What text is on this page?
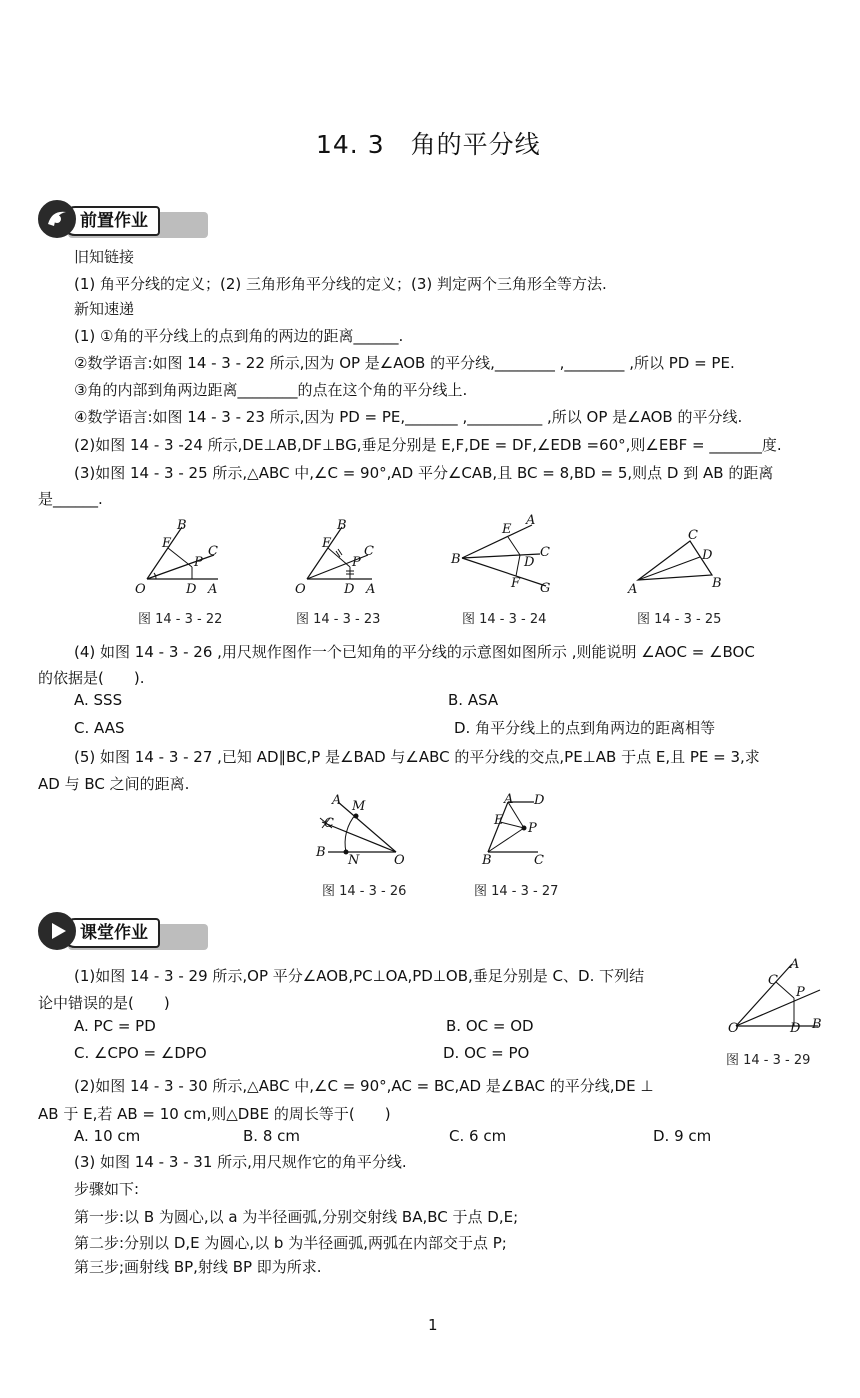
14. 3　角的平分线
前置作业
旧知链接
(1) 角平分线的定义；(2) 三角形角平分线的定义；(3) 判定两个三角形全等方法.
新知速递
(1) ①角的平分线上的点到角的两边的距离______.
②数学语言:如图 14 - 3 - 22 所示,因为 OP 是∠AOB 的平分线,________ ,________ ,所以 PD = PE.
③角的内部到角两边距离________的点在这个角的平分线上.
④数学语言:如图 14 - 3 - 23 所示,因为 PD = PE,_______ ,__________ ,所以 OP 是∠AOB 的平分线.
(2)如图 14 - 3 -24 所示,DE⊥AB,DF⊥BG,垂足分别是 E,F,DE = DF,∠EDB =60°,则∠EBF = _______度.
(3)如图 14 - 3 - 25 所示,△ABC 中,∠C = 90°,AD 平分∠CAB,且 BC = 8,BD = 5,则点 D 到 AB 的距离
是______.
O	A
B
C
D
E
P
O	A
B
C
D
E
P	B
A
E
C
D
F G	A
C
D
B
图 14 - 3 - 22	图 14 - 3 - 23	图 14 - 3 - 24	图 14 - 3 - 25
(4) 如图 14 - 3 - 26 ,用尺规作图作一个已知角的平分线的示意图如图所示 ,则能说明 ∠AOC = ∠BOC
的依据是(　　).
A. SSS	B. ASA
C. AAS	D. 角平分线上的点到角两边的距离相等
(5) 如图 14 - 3 - 27 ,已知 AD∥BC,P 是∠BAD 与∠ABC 的平分线的交点,PE⊥AB 于点 E,且 PE = 3,求
AD 与 BC 之间的距离.
A M
C
B
N	O
A D
E
P
B	C
图 14 - 3 - 26	图 14 - 3 - 27
课堂作业
(1)如图 14 - 3 - 29 所示,OP 平分∠AOB,PC⊥OA,PD⊥OB,垂足分别是 C、D. 下列结
论中错误的是(　　)
A. PC = PD	B. OC = OD
C. ∠CPO = ∠DPO	D. OC = PO
O
A
C
P
D B
图 14 - 3 - 29
(2)如图 14 - 3 - 30 所示,△ABC 中,∠C = 90°,AC = BC,AD 是∠BAC 的平分线,DE ⊥
AB 于 E,若 AB = 10 cm,则△DBE 的周长等于(　　)
A. 10 cm	B. 8 cm	C. 6 cm	D. 9 cm
(3) 如图 14 - 3 - 31 所示,用尺规作它的角平分线.
步骤如下:
第一步:以 B 为圆心,以 a 为半径画弧,分别交射线 BA,BC 于点 D,E;
第二步:分别以 D,E 为圆心,以 b 为半径画弧,两弧在内部交于点 P;
第三步;画射线 BP,射线 BP 即为所求.
1
